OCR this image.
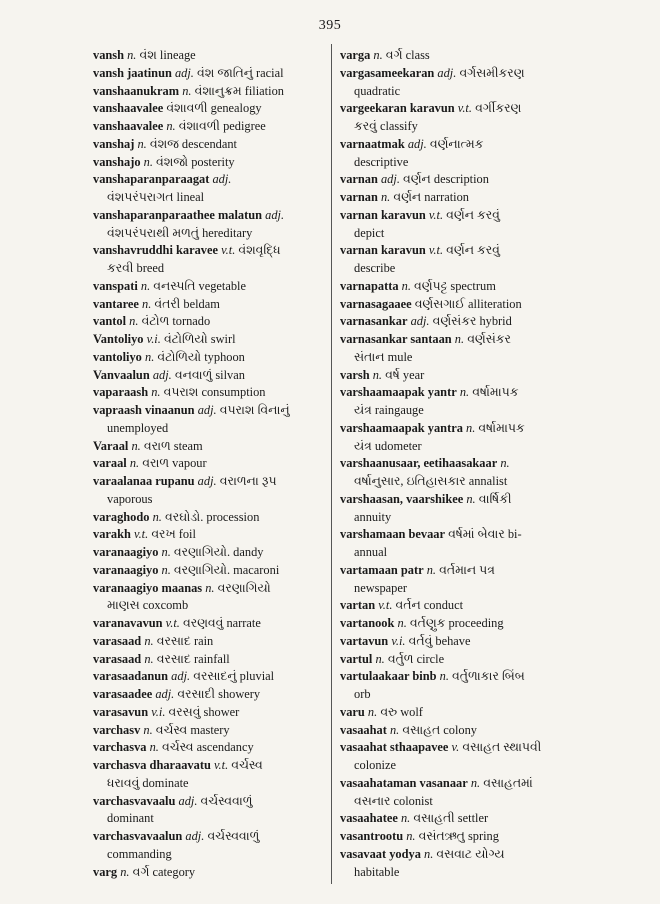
395
vansh n. વંશ lineage
vansh jaatinun adj. વંશ જાતિનું racial
vanshaanukram n. વંશાનુક્રમ filiation
vanshaavalee વંશાવળી genealogy
vanshaavalee n. વંશાવળી pedigree
vanshaj n. વંશજ descendant
vanshajo n. વંશજો posterity
vanshaparanparaagat adj.
વંશપરંપરાગત lineal
vanshaparanparaathee malatun adj.
વંશપરંપરાથી મળતું hereditary
vanshavruddhi karavee v.t. વંશવૃદ્ધિ
કરવી breed
vanspati n. વનસ્પતિ vegetable
vantaree n. વંતરી beldam
vantol n. વંટોળ tornado
Vantoliyo v.i. વંટોળિયો swirl
vantoliyo n. વંટોળિયો typhoon
Vanvaalun adj. વનવાળું silvan
vaparaash n. વપરાશ consumption
vapraash vinaanun adj. વપરાશ વિનાનું
unemployed
Varaal n. વરાળ steam
varaal n. વરાળ vapour
varaalanaa rupanu adj. વરાળના રૂપ
vaporous
varaghodo n. વરઘોડો. procession
varakh v.t. વરખ foil
varanaagiyo n. વરણાગિયો. dandy
varanaagiyo n. વરણાગિયો. macaroni
varanaagiyo maanas n. વરણાગિયો
માણસ coxcomb
varanavavun v.t. વરણવવું narrate
varasaad n. વરસાદ rain
varasaad n. વરસાદ rainfall
varasaadanun adj. વરસાદનું pluvial
varasaadee adj. વરસાદી showery
varasavun v.i. વરસવું shower
varchasv n. વર્ચસ્વ mastery
varchasva n. વર્ચસ્વ ascendancy
varchasva dharaavatu v.t. વર્ચસ્વ
ધરાવવું dominate
varchasvavaalu adj. વર્ચસ્વવાળું
dominant
varchasvavaalun adj. વર્ચસ્વવાળું
commanding
varg n. વર્ગ category
varga n. વર્ગ class
vargasameekaran adj. વર્ગસમીકરણ
quadratic
vargeekaran karavun v.t. વર્ગીકરણ
કરવું classify
varnaatmak adj. વર્ણનાત્મક
descriptive
varnan adj. વર્ણન description
varnan n. વર્ણન narration
varnan karavun v.t. વર્ણન કરવું
depict
varnan karavun v.t. વર્ણન કરવું
describe
varnapatta n. વર્ણપટ્ટ spectrum
varnasagaaee વર્ણસગાઈ alliteration
varnasankar adj. વર્ણસંકર hybrid
varnasankar santaan n. વર્ણસંકર
સંતાન mule
varsh n. વર્ષ year
varshaamaapak yantr n. વર્ષામાપક
યંત્ર raingauge
varshaamaapak yantra n. વર્ષામાપક
યંત્ર udometer
varshaanusaar, eetihaasakaar n.
વર્ષાનુસાર, ઇતિહાસકાર annalist
varshaasan, vaarshikee n. વાર્ષિકી
annuity
varshamaan bevaar વર્ષમાં બેવાર bi-
annual
vartamaan patr n. વર્તમાન પત્ર
newspaper
vartan v.t. વર્તન conduct
vartanook n. વર્તણુક proceeding
vartavun v.i. વર્તવું behave
vartul n. વર્તુળ circle
vartulaakaar binb n. વર્તુળાકાર બિંબ
orb
varu n. વરુ wolf
vasaahat n. વસાહત colony
vasaahat sthaapavee v. વસાહત સ્થાપવી
colonize
vasaahataman vasanaar n. વસાહતમાં
વસનાર colonist
vasaahatee n. વસાહતી settler
vasantrootu n. વસંતઋતુ spring
vasavaat yodya n. વસવાટ યોગ્ય
habitable
